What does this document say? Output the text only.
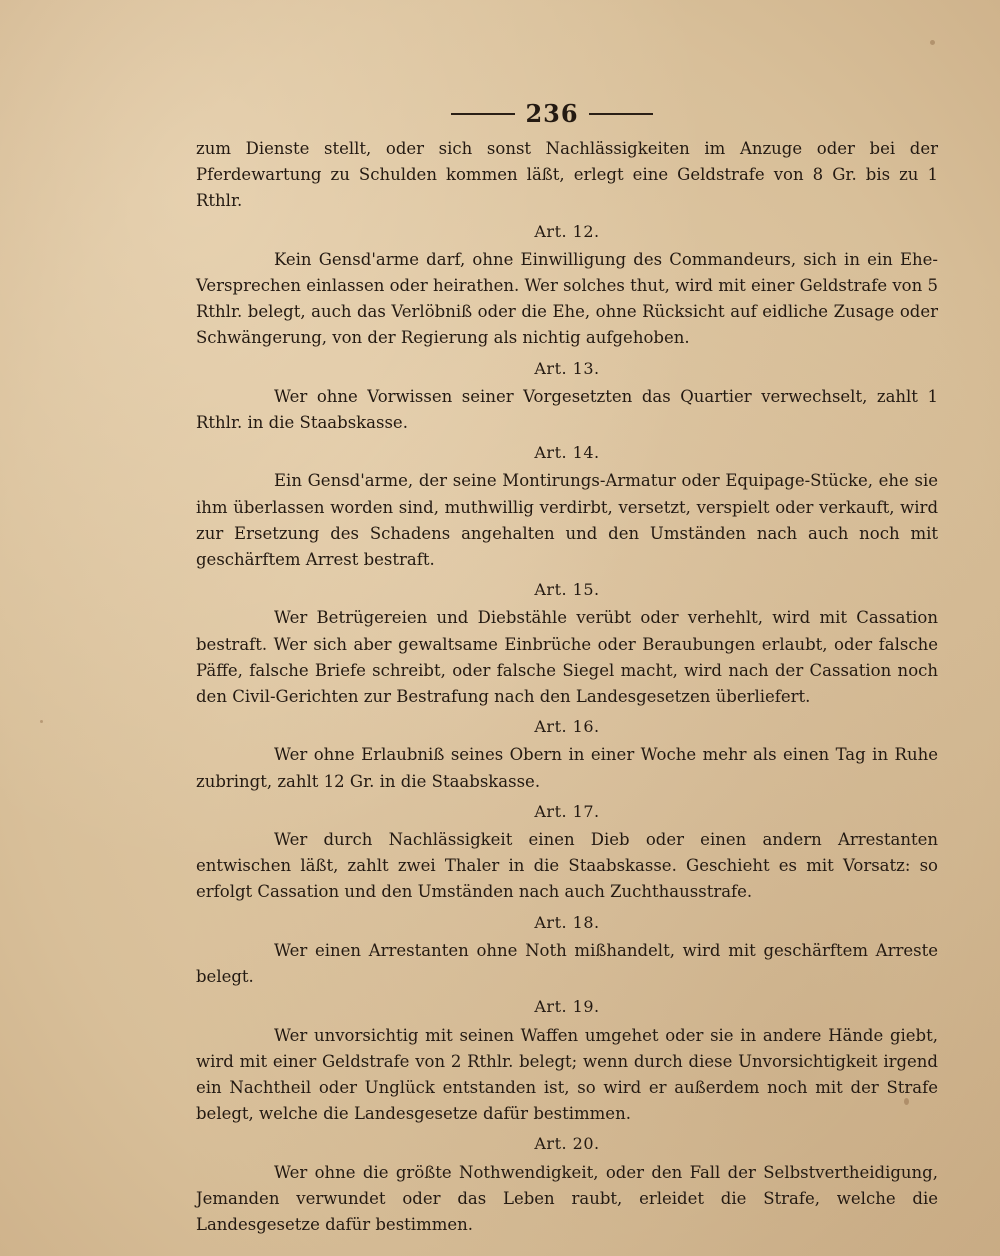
236

zum Dienste stellt, oder sich sonst Nachlässigkeiten im Anzuge oder bei der Pferdewartung zu Schulden kommen läßt, erlegt eine Geldstrafe von 8 Gr. bis zu 1 Rthlr.

Art. 12.

Kein Gensd'arme darf, ohne Einwilligung des Commandeurs, sich in ein Ehe-Versprechen einlassen oder heirathen. Wer solches thut, wird mit einer Geldstrafe von 5 Rthlr. belegt, auch das Verlöbniß oder die Ehe, ohne Rücksicht auf eidliche Zusage oder Schwängerung, von der Regierung als nichtig aufgehoben.

Art. 13.

Wer ohne Vorwissen seiner Vorgesetzten das Quartier verwechselt, zahlt 1 Rthlr. in die Staabskasse.

Art. 14.

Ein Gensd'arme, der seine Montirungs-Armatur oder Equipage-Stücke, ehe sie ihm überlassen worden sind, muthwillig verdirbt, versetzt, verspielt oder verkauft, wird zur Ersetzung des Schadens angehalten und den Umständen nach auch noch mit geschärftem Arrest bestraft.

Art. 15.

Wer Betrügereien und Diebstähle verübt oder verhehlt, wird mit Cassation bestraft. Wer sich aber gewaltsame Einbrüche oder Beraubungen erlaubt, oder falsche Päffe, falsche Briefe schreibt, oder falsche Siegel macht, wird nach der Cassation noch den Civil-Gerichten zur Bestrafung nach den Landesgesetzen überliefert.

Art. 16.

Wer ohne Erlaubniß seines Obern in einer Woche mehr als einen Tag in Ruhe zubringt, zahlt 12 Gr. in die Staabskasse.

Art. 17.

Wer durch Nachlässigkeit einen Dieb oder einen andern Arrestanten entwischen läßt, zahlt zwei Thaler in die Staabskasse. Geschieht es mit Vorsatz: so erfolgt Cassation und den Umständen nach auch Zuchthausstrafe.

Art. 18.

Wer einen Arrestanten ohne Noth mißhandelt, wird mit geschärftem Arreste belegt.

Art. 19.

Wer unvorsichtig mit seinen Waffen umgehet oder sie in andere Hände giebt, wird mit einer Geldstrafe von 2 Rthlr. belegt; wenn durch diese Unvorsichtigkeit irgend ein Nachtheil oder Unglück entstanden ist, so wird er außerdem noch mit der Strafe belegt, welche die Landesgesetze dafür bestimmen.

Art. 20.

Wer ohne die größte Nothwendigkeit, oder den Fall der Selbstvertheidigung, Jemanden verwundet oder das Leben raubt, erleidet die Strafe, welche die Landesgesetze dafür bestimmen.
